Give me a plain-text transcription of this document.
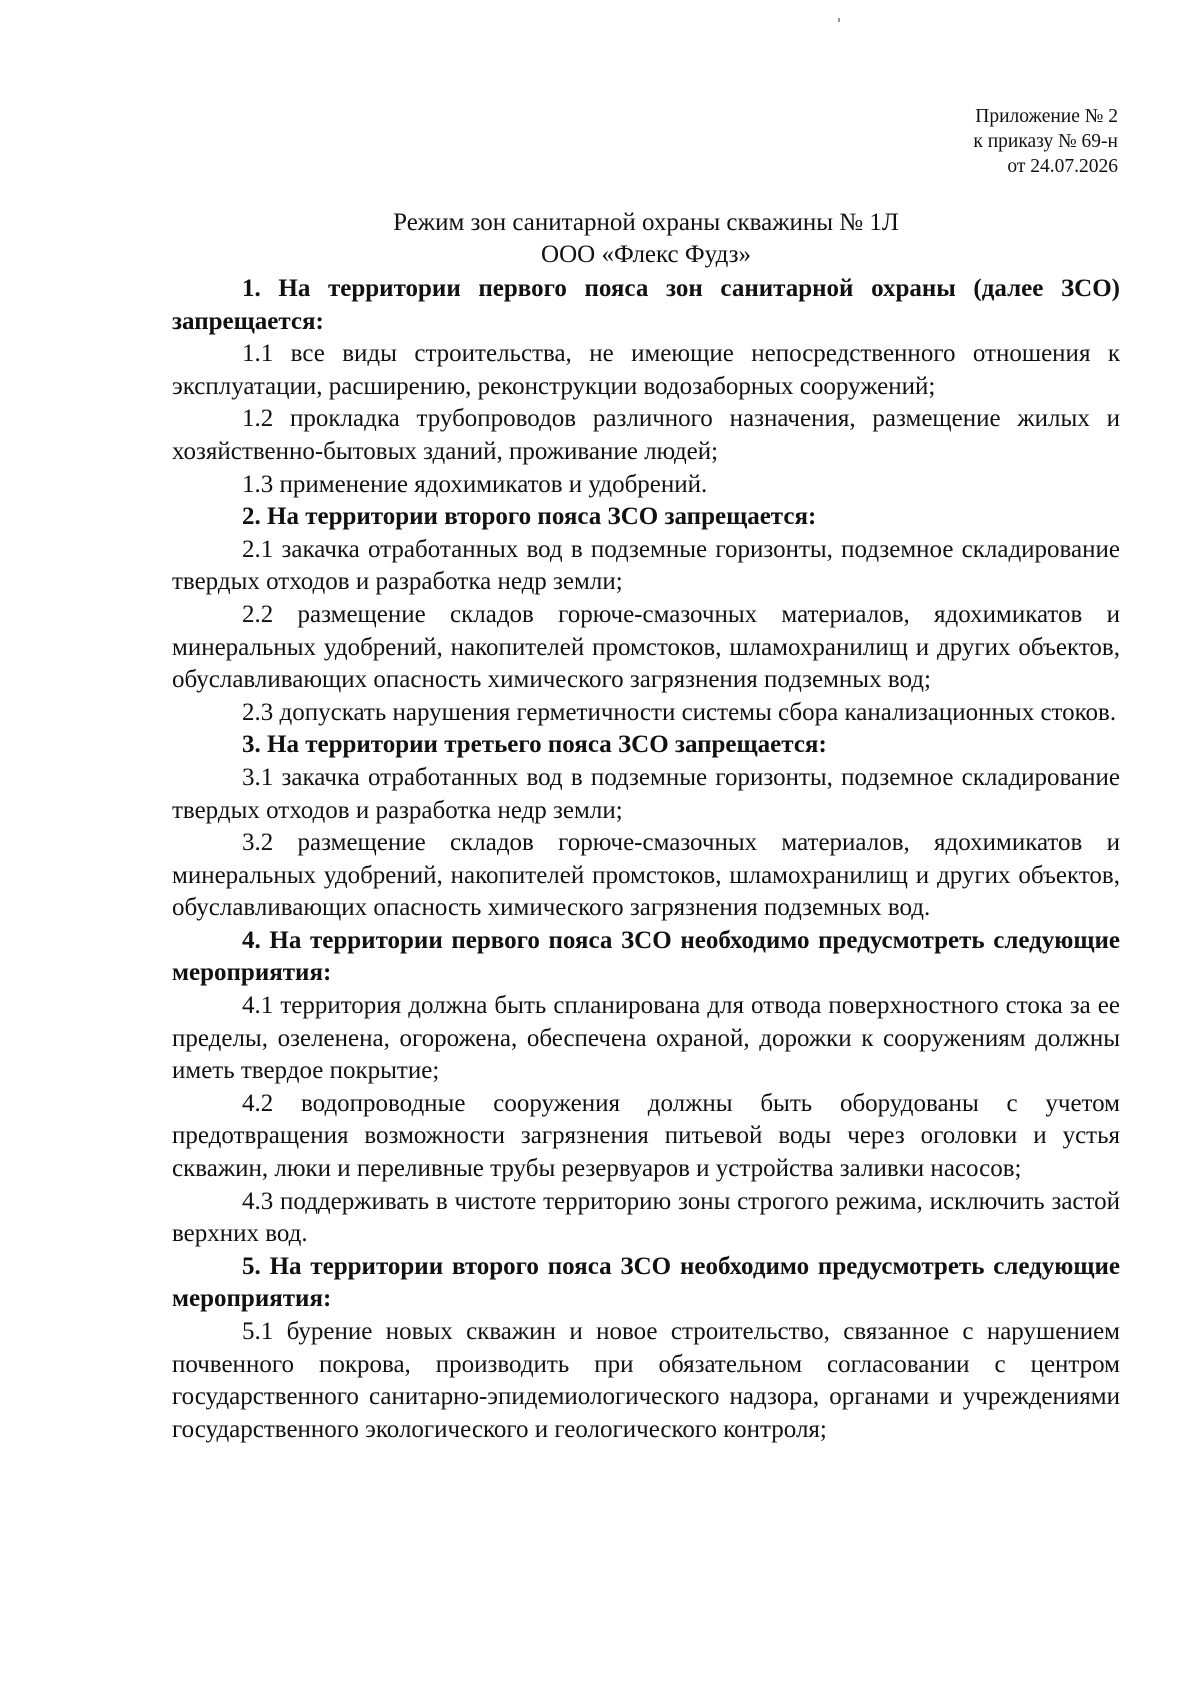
Приложение № 2
к приказу № 69-н
от 24.07.2026
Режим зон санитарной охраны скважины № 1Л
ООО «Флекс Фудз»

1. На территории первого пояса зон санитарной охраны (далее ЗСО) запрещается:

1.1 все виды строительства, не имеющие непосредственного отношения к эксплуатации, расширению, реконструкции водозаборных сооружений;

1.2 прокладка трубопроводов различного назначения, размещение жилых и хозяйственно-бытовых зданий, проживание людей;

1.3 применение ядохимикатов и удобрений.

2. На территории второго пояса ЗСО запрещается:

2.1 закачка отработанных вод в подземные горизонты, подземное складирование твердых отходов и разработка недр земли;

2.2 размещение складов горюче-смазочных материалов, ядохимикатов и минеральных удобрений, накопителей промстоков, шламохранилищ и других объектов, обуславливающих опасность химического загрязнения подземных вод;

2.3 допускать нарушения герметичности системы сбора канализационных стоков.

3. На территории третьего пояса ЗСО запрещается:

3.1 закачка отработанных вод в подземные горизонты, подземное складирование твердых отходов и разработка недр земли;

3.2 размещение складов горюче-смазочных материалов, ядохимикатов и минеральных удобрений, накопителей промстоков, шламохранилищ и других объектов, обуславливающих опасность химического загрязнения подземных вод.

4. На территории первого пояса ЗСО необходимо предусмотреть следующие мероприятия:

4.1 территория должна быть спланирована для отвода поверхностного стока за ее пределы, озеленена, огорожена, обеспечена охраной, дорожки к сооружениям должны иметь твердое покрытие;

4.2 водопроводные сооружения должны быть оборудованы с учетом предотвращения возможности загрязнения питьевой воды через оголовки и устья скважин, люки и переливные трубы резервуаров и устройства заливки насосов;

4.3 поддерживать в чистоте территорию зоны строгого режима, исключить застой верхних вод.

5. На территории второго пояса ЗСО необходимо предусмотреть следующие мероприятия:

5.1 бурение новых скважин и новое строительство, связанное с нарушением почвенного покрова, производить при обязательном согласовании с центром государственного санитарно-эпидемиологического надзора, органами и учреждениями государственного экологического и геологического контроля;
